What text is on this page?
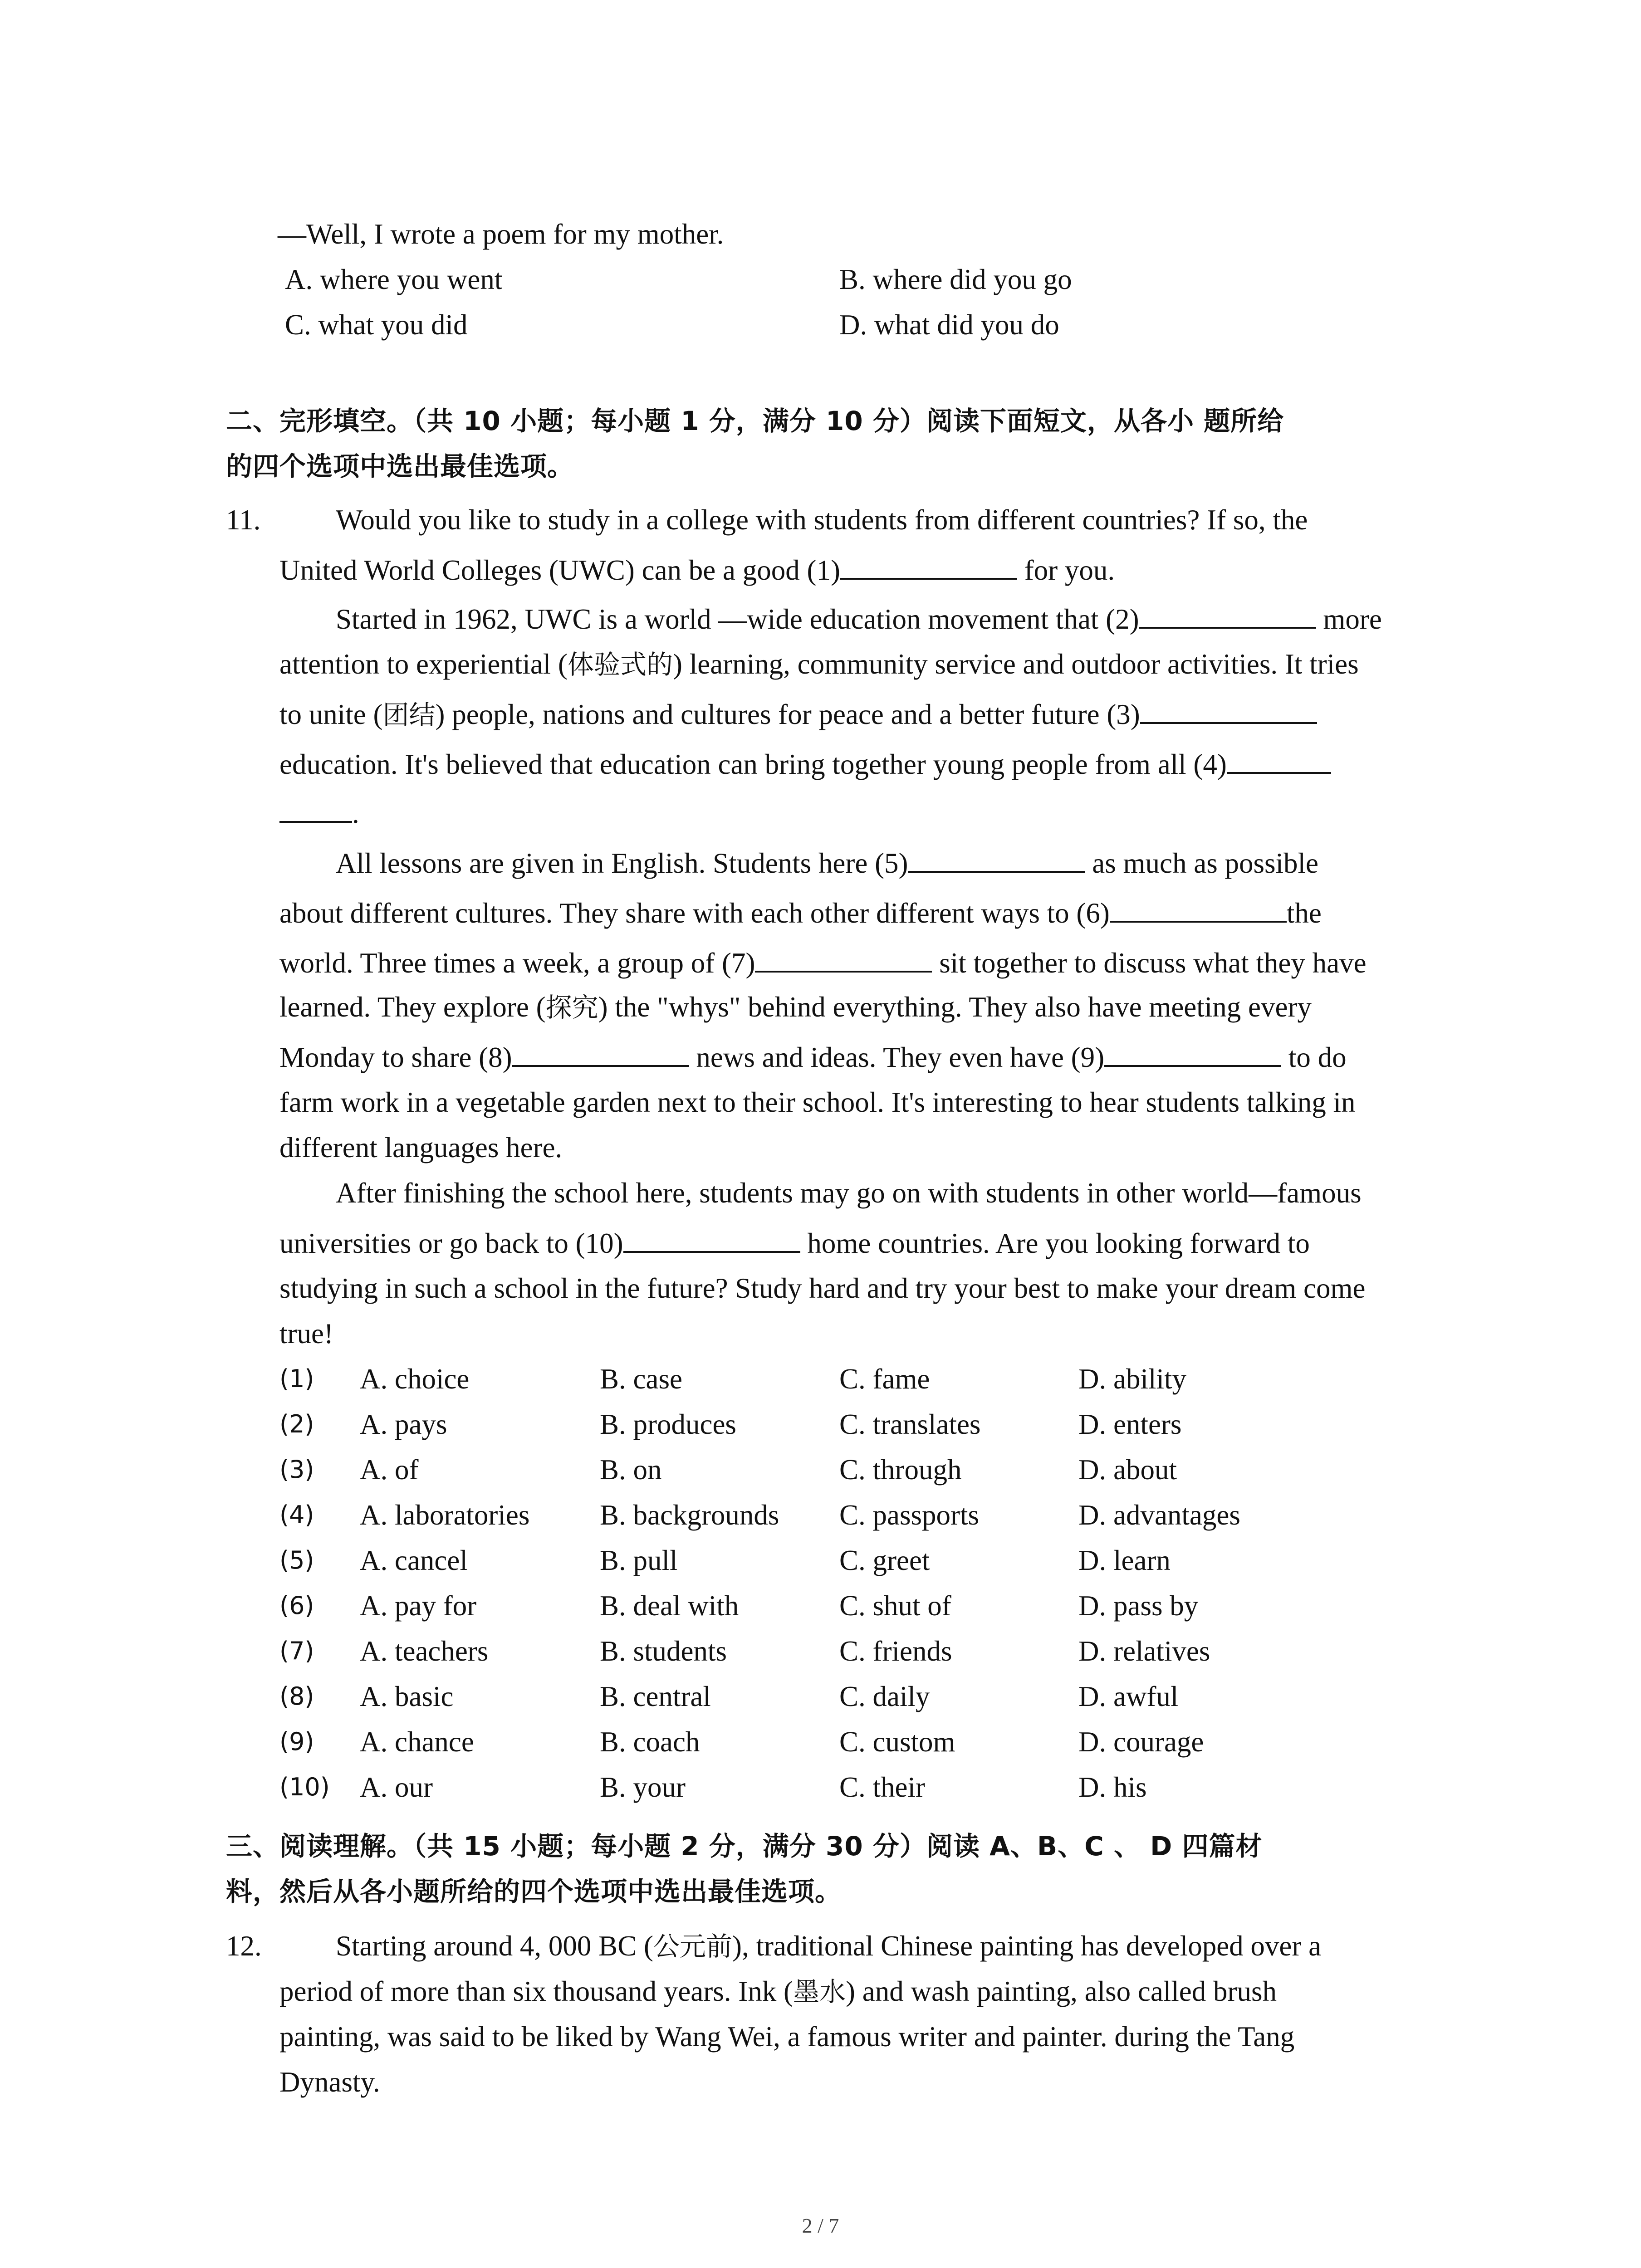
—Well, I wrote a poem for my mother.
A. where you went	B. where did you go
C. what you did	D. what did you do
二、完形填空。（共 10 小题；每小题 1 分，满分 10 分）阅读下面短文，从各小 题所给
的四个选项中选出最佳选项。
11.	Would you like to study in a college with students from different countries? If so, the
United World Colleges (UWC) can be a good (1)	for you.
Started in 1962, UWC is a world —wide education movement that (2)	more
attention to experiential (体验式的) learning, community service and outdoor activities. It tries
to unite (团结) people, nations and cultures for peace and a better future (3)
education. It's believed that education can bring together young people from all (4)
.
All lessons are given in English. Students here (5)	as much as possible
about different cultures. They share with each other different ways to (6)	the
world. Three times a week, a group of (7)	sit together to discuss what they have
learned. They explore (探究) the "whys" behind everything. They also have meeting every
Monday to share (8)	news and ideas. They even have (9)	to do
farm work in a vegetable garden next to their school. It's interesting to hear students talking in
different languages here.
After finishing the school here, students may go on with students in other world—famous
universities or go back to (10)	home countries. Are you looking forward to
studying in such a school in the future? Study hard and try your best to make your dream come
true!
(1) A. choice	B. case	C. fame	D. ability
(2) A. pays	B. produces	C. translates	D. enters
(3) A. of	B. on	C. through	D. about
(4) A. laboratories B. backgrounds C. passports	D. advantages
(5) A. cancel	B. pull	C. greet	D. learn
(6) A. pay for	B. deal with	C. shut of	D. pass by
(7) A. teachers	B. students	C. friends	D. relatives
(8) A. basic	B. central	C. daily	D. awful
(9) A. chance	B. coach	C. custom	D. courage
(10) A. our	B. your	C. their	D. his
三、阅读理解。（共 15 小题；每小题 2 分，满分 30 分）阅读 A、B、C 、 D 四篇材
料，然后从各小题所给的四个选项中选出最佳选项。
12.	Starting around 4, 000 BC (公元前), traditional Chinese painting has developed over a
period of more than six thousand years. Ink (墨水) and wash painting, also called brush
painting, was said to be liked by Wang Wei, a famous writer and painter. during the Tang
Dynasty.
2 / 7
